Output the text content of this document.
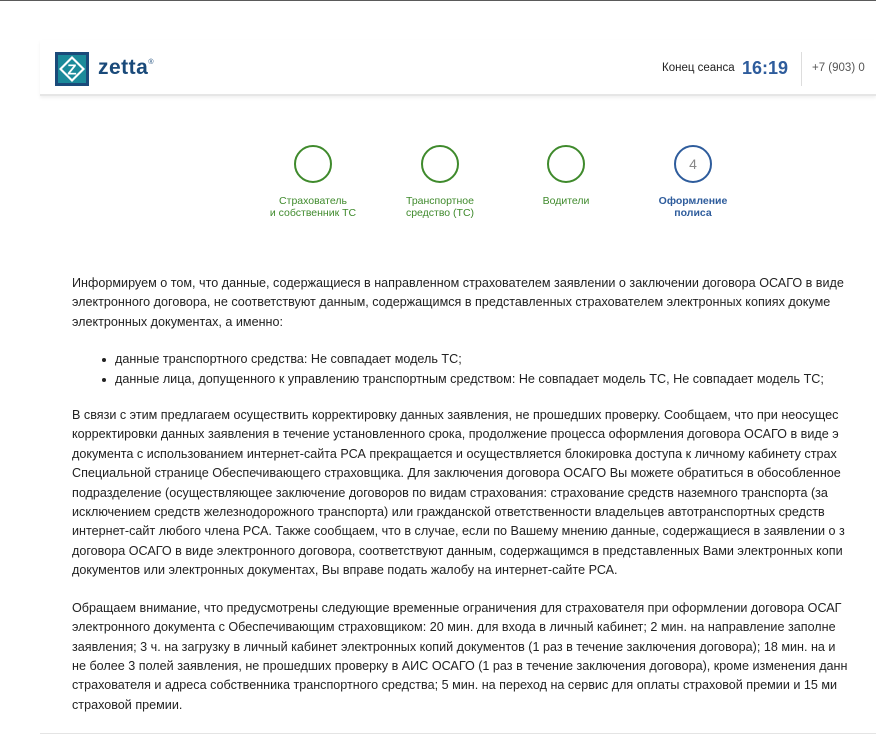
Z zetta®	Конец сеанса 16:19 +7 (903) 0
Страхователь
и собственник ТС
Транспортное
средство (ТС)
Водители
4
Оформление
полиса

Информируем о том, что данные, содержащиеся в направленном страхователем заявлении о заключении договора ОСАГО в виде

электронного договора, не соответствуют данным, содержащимся в представленных страхователем электронных копиях докуме

электронных документах, а именно:

данные транспортного средства: Не совпадает модель ТС;
данные лица, допущенного к управлению транспортным средством: Не совпадает модель ТС, Не совпадает модель ТС;

В связи с этим предлагаем осуществить корректировку данных заявления, не прошедших проверку. Сообщаем, что при неосущес

корректировки данных заявления в течение установленного срока, продолжение процесса оформления договора ОСАГО в виде э

документа с использованием интернет-сайта РСА прекращается и осуществляется блокировка доступа к личному кабинету страх

Специальной странице Обеспечивающего страховщика. Для заключения договора ОСАГО Вы можете обратиться в обособленное

подразделение (осуществляющее заключение договоров по видам страхования: страхование средств наземного транспорта (за

исключением средств железнодорожного транспорта) или гражданской ответственности владельцев автотранспортных средств

интернет-сайт любого члена РСА. Также сообщаем, что в случае, если по Вашему мнению данные, содержащиеся в заявлении о з

договора ОСАГО в виде электронного договора, соответствуют данным, содержащимся в представленных Вами электронных копи

документов или электронных документах, Вы вправе подать жалобу на интернет-сайте РСА.

Обращаем внимание, что предусмотрены следующие временные ограничения для страхователя при оформлении договора ОСАГ

электронного документа с Обеспечивающим страховщиком: 20 мин. для входа в личный кабинет; 2 мин. на направление заполне

заявления; 3 ч. на загрузку в личный кабинет электронных копий документов (1 раз в течение заключения договора); 18 мин. на и

не более 3 полей заявления, не прошедших проверку в АИС ОСАГО (1 раз в течение заключения договора), кроме изменения данн

страхователя и адреса собственника транспортного средства; 5 мин. на переход на сервис для оплаты страховой премии и 15 ми

страховой премии.
